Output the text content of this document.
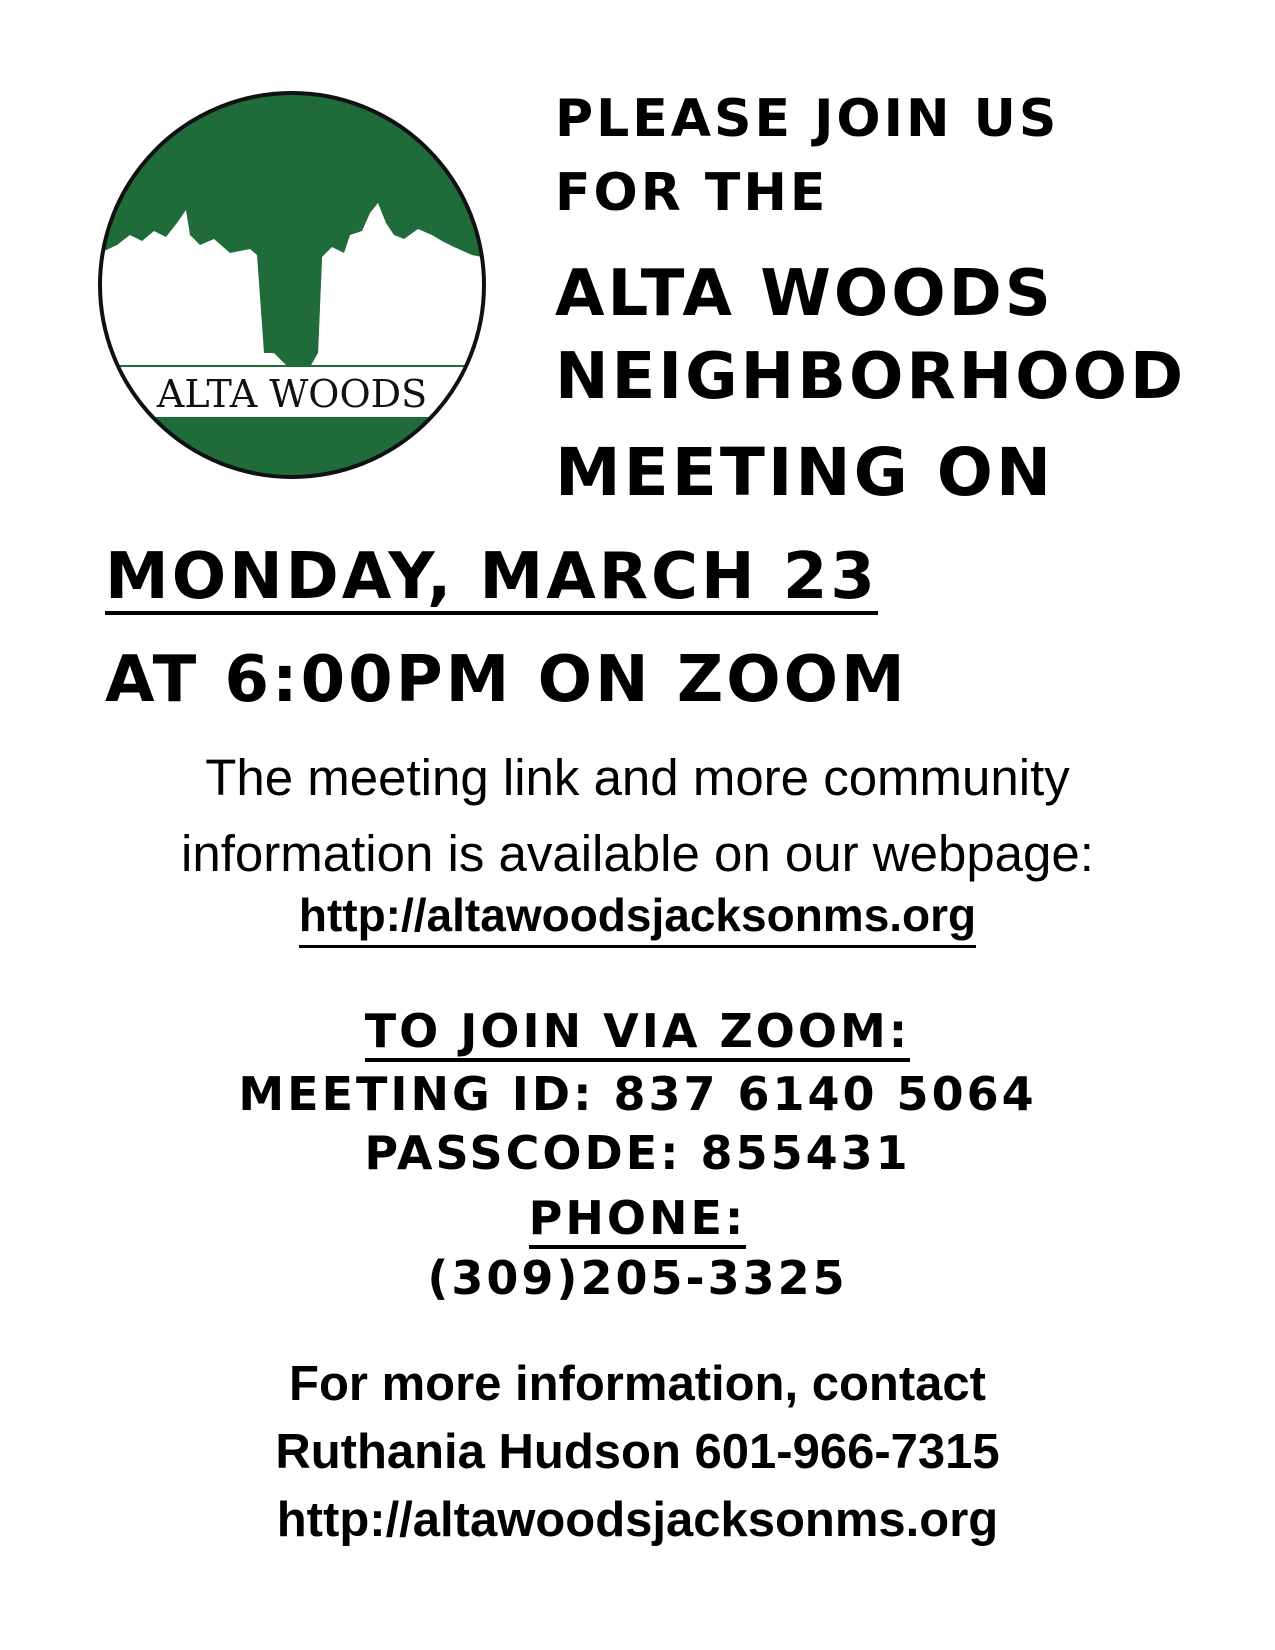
ALTA WOODS
PLEASE JOIN US
FOR THE
ALTA WOODS
NEIGHBORHOOD
MEETING ON
MONDAY, MARCH 23
AT 6:00PM ON ZOOM
The meeting link and more community
information is available on our webpage:
http://altawoodsjacksonms.org
TO JOIN VIA ZOOM:
MEETING ID: 837 6140 5064
PASSCODE: 855431
PHONE:
(309)205-3325
For more information, contact
Ruthania Hudson 601-966-7315
http://altawoodsjacksonms.org
